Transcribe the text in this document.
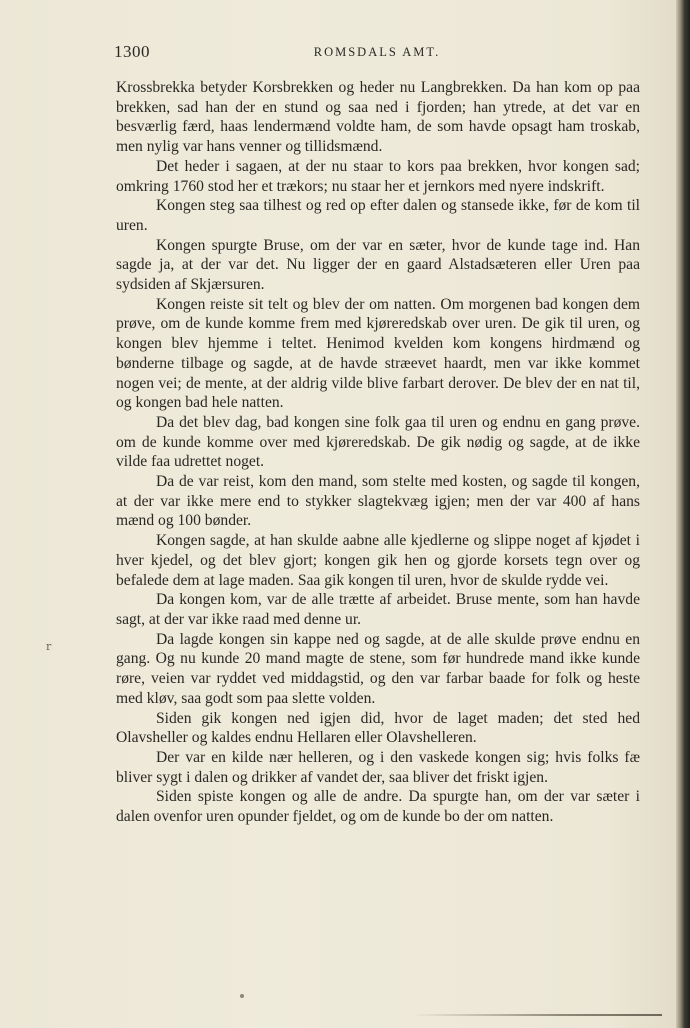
1300	ROMSDALS AMT.
r

Krossbrekka betyder Korsbrekken og heder nu Langbrekken. Da han kom op paa brekken, sad han der en stund og saa ned i fjorden; han ytrede, at det var en besværlig færd, haas lendermænd voldte ham, de som havde opsagt ham troskab, men nylig var hans venner og tillidsmænd.

Det heder i sagaen, at der nu staar to kors paa brekken, hvor kongen sad; omkring 1760 stod her et trækors; nu staar her et jernkors med nyere indskrift.

Kongen steg saa tilhest og red op efter dalen og stansede ikke, før de kom til uren.

Kongen spurgte Bruse, om der var en sæter, hvor de kunde tage ind. Han sagde ja, at der var det. Nu ligger der en gaard Alstadsæteren eller Uren paa sydsiden af Skjærsuren.

Kongen reiste sit telt og blev der om natten. Om morgenen bad kongen dem prøve, om de kunde komme frem med kjøreredskab over uren. De gik til uren, og kongen blev hjemme i teltet. Henimod kvelden kom kongens hirdmænd og bønderne tilbage og sagde, at de havde stræevet haardt, men var ikke kommet nogen vei; de mente, at der aldrig vilde blive farbart derover. De blev der en nat til, og kongen bad hele natten.

Da det blev dag, bad kongen sine folk gaa til uren og endnu en gang prøve. om de kunde komme over med kjøreredskab. De gik nødig og sagde, at de ikke vilde faa udrettet noget.

Da de var reist, kom den mand, som stelte med kosten, og sagde til kongen, at der var ikke mere end to stykker slagtekvæg igjen; men der var 400 af hans mænd og 100 bønder.

Kongen sagde, at han skulde aabne alle kjedlerne og slippe noget af kjødet i hver kjedel, og det blev gjort; kongen gik hen og gjorde korsets tegn over og befalede dem at lage maden. Saa gik kongen til uren, hvor de skulde rydde vei.

Da kongen kom, var de alle trætte af arbeidet. Bruse mente, som han havde sagt, at der var ikke raad med denne ur.

Da lagde kongen sin kappe ned og sagde, at de alle skulde prøve endnu en gang. Og nu kunde 20 mand magte de stene, som før hundrede mand ikke kunde røre, veien var ryddet ved middagstid, og den var farbar baade for folk og heste med kløv, saa godt som paa slette volden.

Siden gik kongen ned igjen did, hvor de laget maden; det sted hed Olavsheller og kaldes endnu Hellaren eller Olavshelleren.

Der var en kilde nær helleren, og i den vaskede kongen sig; hvis folks fæ bliver sygt i dalen og drikker af vandet der, saa bliver det friskt igjen.

Siden spiste kongen og alle de andre. Da spurgte han, om der var sæter i dalen ovenfor uren opunder fjeldet, og om de kunde bo der om natten.
